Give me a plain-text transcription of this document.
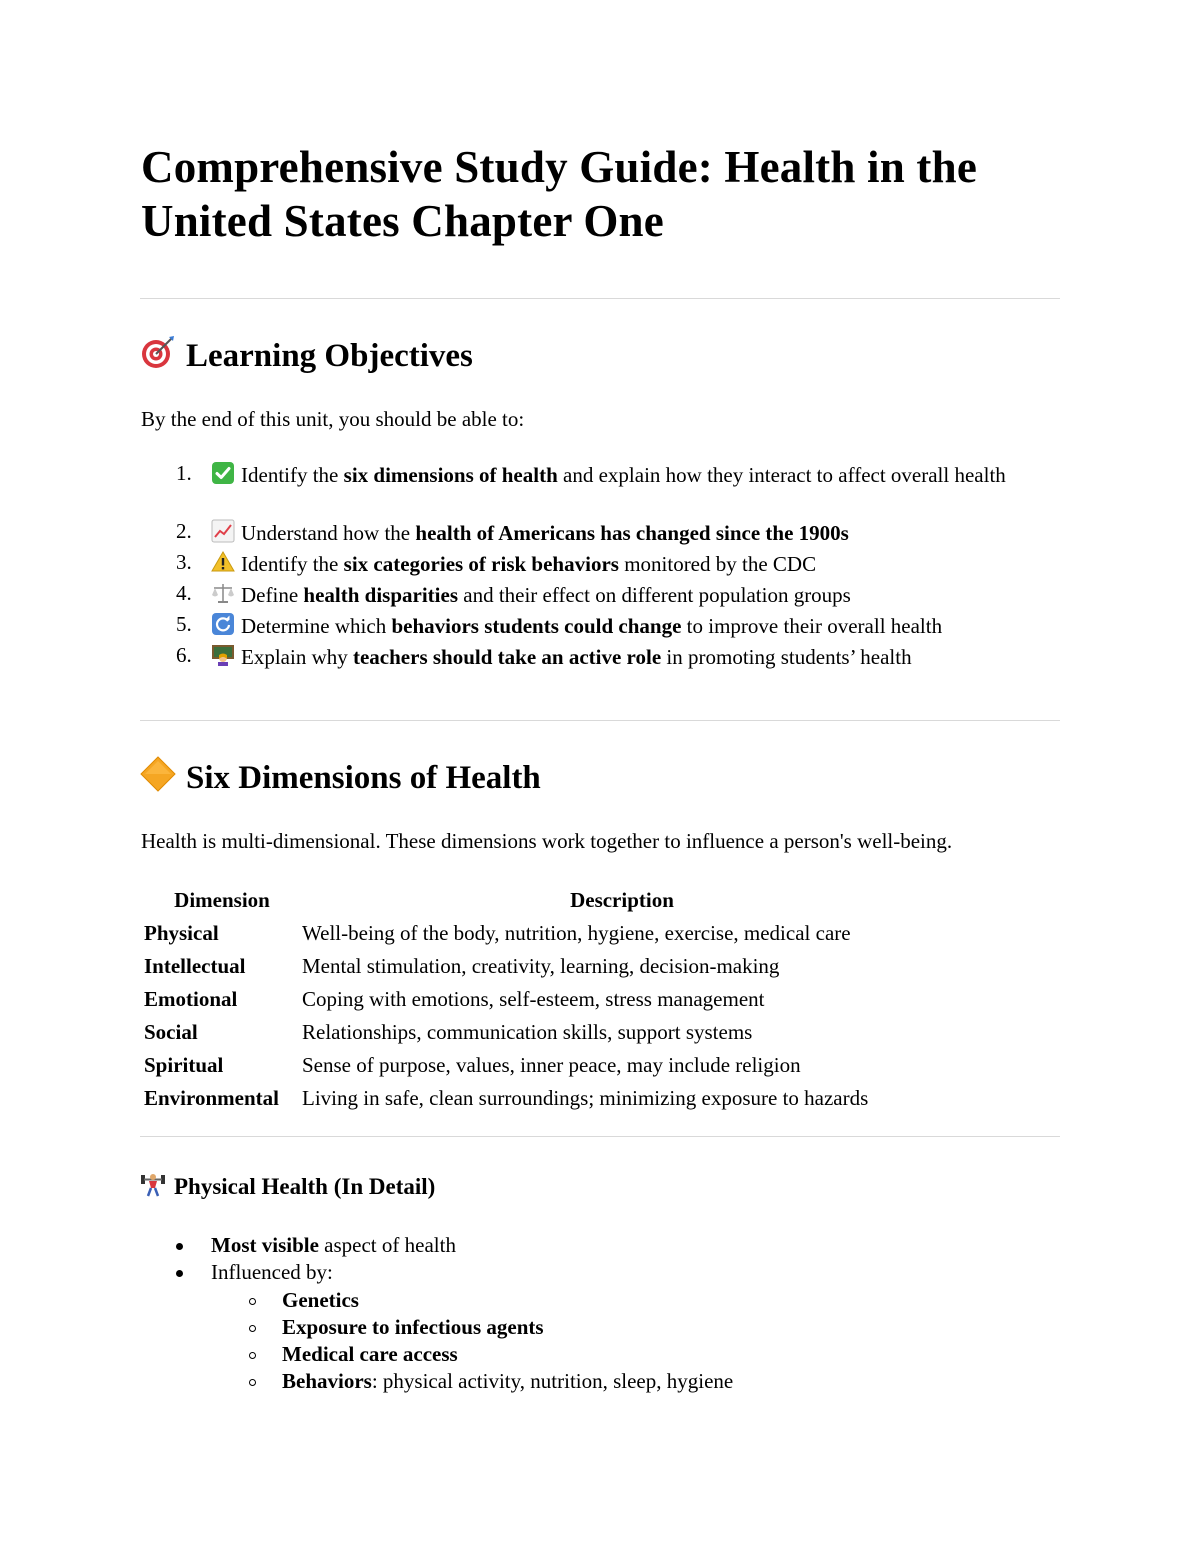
Comprehensive Study Guide: Health in the United States Chapter One
Learning Objectives
By the end of this unit, you should be able to:
1.	Identify the six dimensions of health and explain how they interact to affect overall health
2.	Understand how the health of Americans has changed since the 1900s
3.	Identify the six categories of risk behaviors monitored by the CDC
4.	Define health disparities and their effect on different population groups
5.	Determine which behaviors students could change to improve their overall health
6.	Explain why teachers should take an active role in promoting students’ health
Six Dimensions of Health
Health is multi-dimensional. These dimensions work together to influence a person's well-being.
Dimension	Description
Physical	Well-being of the body, nutrition, hygiene, exercise, medical care
Intellectual	Mental stimulation, creativity, learning, decision-making
Emotional	Coping with emotions, self-esteem, stress management
Social	Relationships, communication skills, support systems
Spiritual	Sense of purpose, values, inner peace, may include religion
Environmental	Living in safe, clean surroundings; minimizing exposure to hazards
Physical Health (In Detail)
Most visible aspect of health
Influenced by:
Genetics
Exposure to infectious agents
Medical care access
Behaviors: physical activity, nutrition, sleep, hygiene
